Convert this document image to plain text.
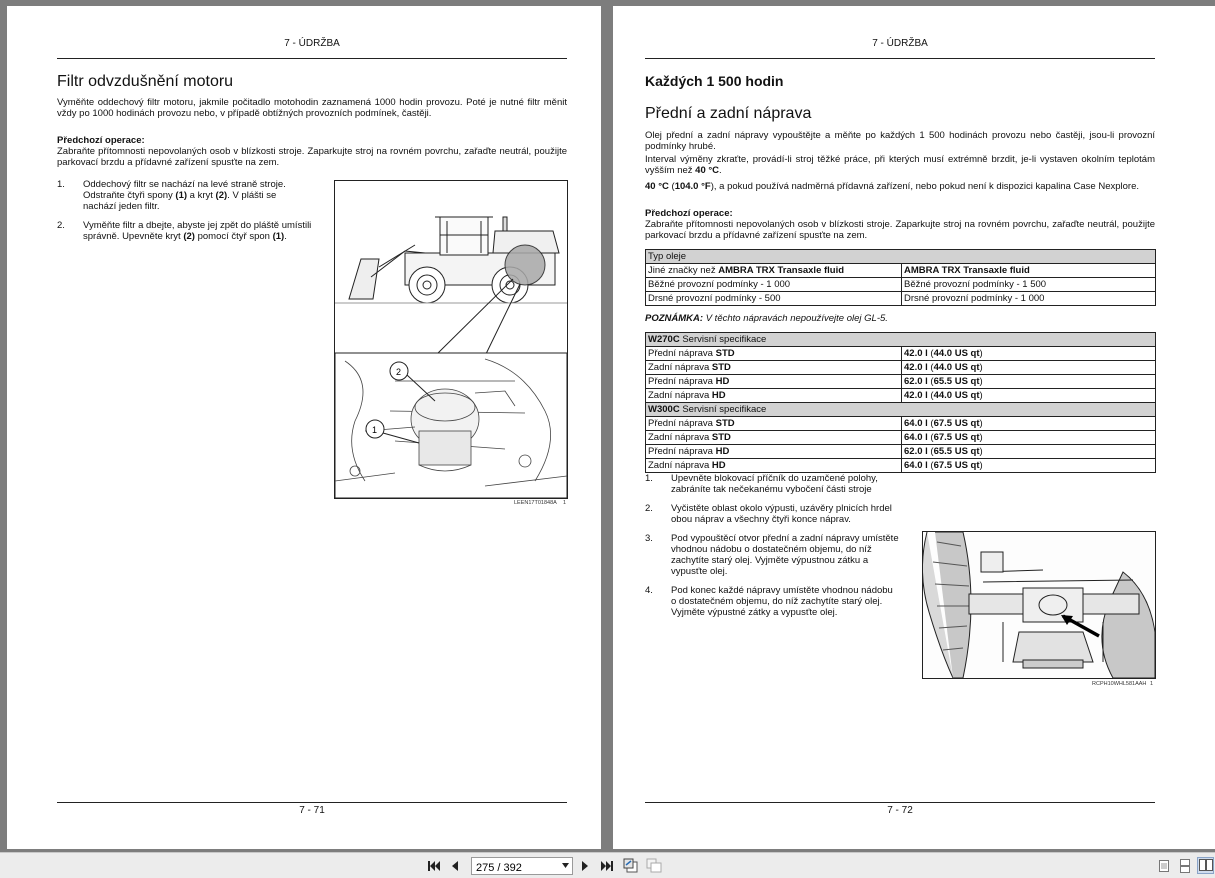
7 - ÚDRŽBA
Filtr odvzdušnění motoru
Vyměňte oddechový filtr motoru, jakmile počitadlo motohodin zaznamená 1000 hodin provozu. Poté je nutné filtr měnit vždy po 1000 hodinách provozu nebo, v případě obtížných provozních podmínek, častěji.
Předchozí operace:
Zabraňte přítomnosti nepovolaných osob v blízkosti stroje. Zaparkujte stroj na rovném povrchu, zařaďte neutrál, použijte parkovací brzdu a přídavné zařízení spusťte na zem.
1. Oddechový filtr se nachází na levé straně stroje. Odstraňte čtyři spony (1) a kryt (2). V plášti se nachází jeden filtr.
2. Vyměňte filtr a dbejte, abyste jej zpět do pláště umístili správně. Upevněte kryt (2) pomocí čtyř spon (1).
2
1
LEEN17T01848A 1
7 - 71
7 - ÚDRŽBA
Každých 1 500 hodin
Přední a zadní náprava
Olej přední a zadní nápravy vypouštějte a měňte po každých 1 500 hodinách provozu nebo častěji, jsou-li provozní podmínky hrubé.
Interval výměny zkraťte, provádí-li stroj těžké práce, při kterých musí extrémně brzdit, je-li vystaven okolním teplotám vyšším než 40 °C.
40 °C (104.0 °F), a pokud používá nadměrná přídavná zařízení, nebo pokud není k dispozici kapalina Case Nexplore.
Předchozí operace:
Zabraňte přítomnosti nepovolaných osob v blízkosti stroje. Zaparkujte stroj na rovném povrchu, zařaďte neutrál, použijte parkovací brzdu a přídavné zařízení spusťte na zem.
Typ oleje	
Jiné značky než AMBRA TRX Transaxle fluid	AMBRA TRX Transaxle fluid
Běžné provozní podmínky - 1 000	Běžné provozní podmínky - 1 500
Drsné provozní podmínky - 500	Drsné provozní podmínky - 1 000
POZNÁMKA: V těchto nápravách nepoužívejte olej GL-5.
W270C Servisní specifikace	
Přední náprava STD	42.0 l (44.0 US qt)
Zadní náprava STD	42.0 l (44.0 US qt)
Přední náprava HD	62.0 l (65.5 US qt)
Zadní náprava HD	42.0 l (44.0 US qt)
W300C Servisní specifikace	
Přední náprava STD	64.0 l (67.5 US qt)
Zadní náprava STD	64.0 l (67.5 US qt)
Přední náprava HD	62.0 l (65.5 US qt)
Zadní náprava HD	64.0 l (67.5 US qt)
1. Upevněte blokovací příčník do uzamčené polohy, zabráníte tak nečekanému vybočení části stroje
2. Vyčistěte oblast okolo výpusti, uzávěry plnicích hrdel obou náprav a všechny čtyři konce náprav.
3. Pod vypouštěcí otvor přední a zadní nápravy umístěte vhodnou nádobu o dostatečném objemu, do níž zachytíte starý olej. Vyjměte výpustnou zátku a vypusťte olej.
4. Pod konec každé nápravy umístěte vhodnou nádobu o dostatečném objemu, do níž zachytíte starý olej. Vyjměte výpustné zátky a vypusťte olej.
RCPH10WHL581AAH 1
7 - 72
275 / 392
